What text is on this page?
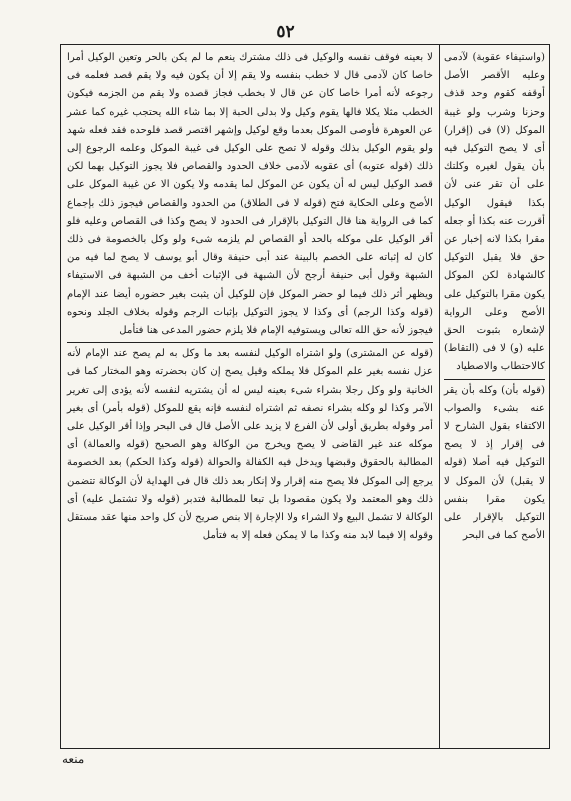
٥٢

(واستيفاء عقوبة) لآدمى وعليه الأقصر الأصل أوقفه كقوم وحد قذف وحزنا وشرب ولو غيبة الموكل (لا) فى (إقرار) أى لا يصح التوكيل فيه بأن يقول لغيره وكلتك على أن تقر عنى لأن بكذا فيقول الوكيل أقررت عنه بكذا أو جعله مقرا بكذا لانه إخبار عن حق فلا يقبل التوكيل كالشهادة لكن الموكل يكون مقرا بالتوكيل على الأصح وعلى الرواية لإشعاره بثبوت الحق عليه (و) لا فى (التقاط) كالاحتطاب والاصطياد

(قوله بأن) وكله بأن يقر عنه بشىء والصواب الاكتفاء بقول الشارح لا فى إقرار إذ لا يصح التوكيل فيه أصلا (قوله لا يقبل) لأن الموكل لا يكون مقرا بنفس التوكيل بالإقرار على الأصح كما فى البحر

لا بعينه فوقف نفسه والوكيل فى ذلك مشترك ينعم ما لم يكن بالحر وتعين الوكيل أمرا خاصا كان لآدمى قال لا خطب بنفسه ولا يقم إلا أن يكون فيه ولا يقم قصد فعلمه فى رجوعه لأنه أمرا خاصا كان عن قال لا بخطب فجاز قصده ولا يقم من الجزمه فيكون الخطب مثلا يكلا فالها يقوم وكيل ولا بدلى الحبة إلا بما شاء الله يحتجب غيره كما عشر عن العوهرة فأوصى الموكل بعدما وقع لوكيل وإشهر اقتصر قصد فلوحده فقد فعله شهد ولو يقوم الوكيل بذلك وقوله لا تصح على الوكيل فى غيبة الموكل وعلمه الرجوع إلى ذلك (قوله عتوبه) أى عقوبه لآدمى خلاف الحدود والقصاص فلا يجوز التوكيل بهما لكن قصد الوكيل ليس له أن يكون عن الموكل لما يقدمه ولا يكون الا عن غيبة الموكل على الأصح وعلى الحكاية فتح (قوله لا فى الطلاق) من الحدود والقصاص فيجوز ذلك بإجماع كما فى الرواية هنا قال التوكيل بالإقرار فى الحدود لا يصح وكذا فى القصاص وعليه فلو أقر الوكيل على موكله بالحد أو القصاص لم يلزمه شىء ولو وكل بالخصومة فى ذلك كان له إثباته على الخصم بالبينة عند أبى حنيفة وقال أبو يوسف لا يصح لما فيه من الشبهة وقول أبى حنيفة أرجح لأن الشبهة فى الإثبات أخف من الشبهة فى الاستيفاء ويظهر أثر ذلك فيما لو حضر الموكل فإن للوكيل أن يثبت بغير حضوره أيضا عند الإمام (قوله وكذا الرجم) أى وكذا لا يجوز التوكيل بإثبات الرجم وقوله بخلاف الجلد ونحوه فيجوز لأنه حق الله تعالى ويستوفيه الإمام فلا يلزم حضور المدعى هنا فتأمل

(قوله عن المشترى) ولو اشتراه الوكيل لنفسه بعد ما وكل به لم يصح عند الإمام لأنه عزل نفسه بغير علم الموكل فلا يملكه وقيل يصح إن كان بحضرته وهو المختار كما فى الخانية ولو وكل رجلا بشراء شىء بعينه ليس له أن يشتريه لنفسه لأنه يؤدى إلى تغرير الآمر وكذا لو وكله بشراء نصفه ثم اشتراه لنفسه فإنه يقع للموكل (قوله بأمر) أى بغير أمر وقوله بطريق أولى لأن الفرع لا يزيد على الأصل قال فى البحر وإذا أقر الوكيل على موكله عند غير القاضى لا يصح ويخرج من الوكالة وهو الصحيح (قوله والعمالة) أى المطالبة بالحقوق وقبضها ويدخل فيه الكفالة والحوالة (قوله وكذا الحكم) بعد الخصومة يرجع إلى الموكل فلا يصح منه إقرار ولا إنكار بعد ذلك قال فى الهداية لأن الوكالة تتضمن ذلك وهو المعتمد ولا يكون مقصودا بل تبعا للمطالبة فتدبر (قوله ولا تشتمل عليه) أى الوكالة لا تشمل البيع ولا الشراء ولا الإجارة إلا بنص صريح لأن كل واحد منها عقد مستقل وقوله إلا فيما لابد منه وكذا ما لا يمكن فعله إلا به فتأمل

منعه
